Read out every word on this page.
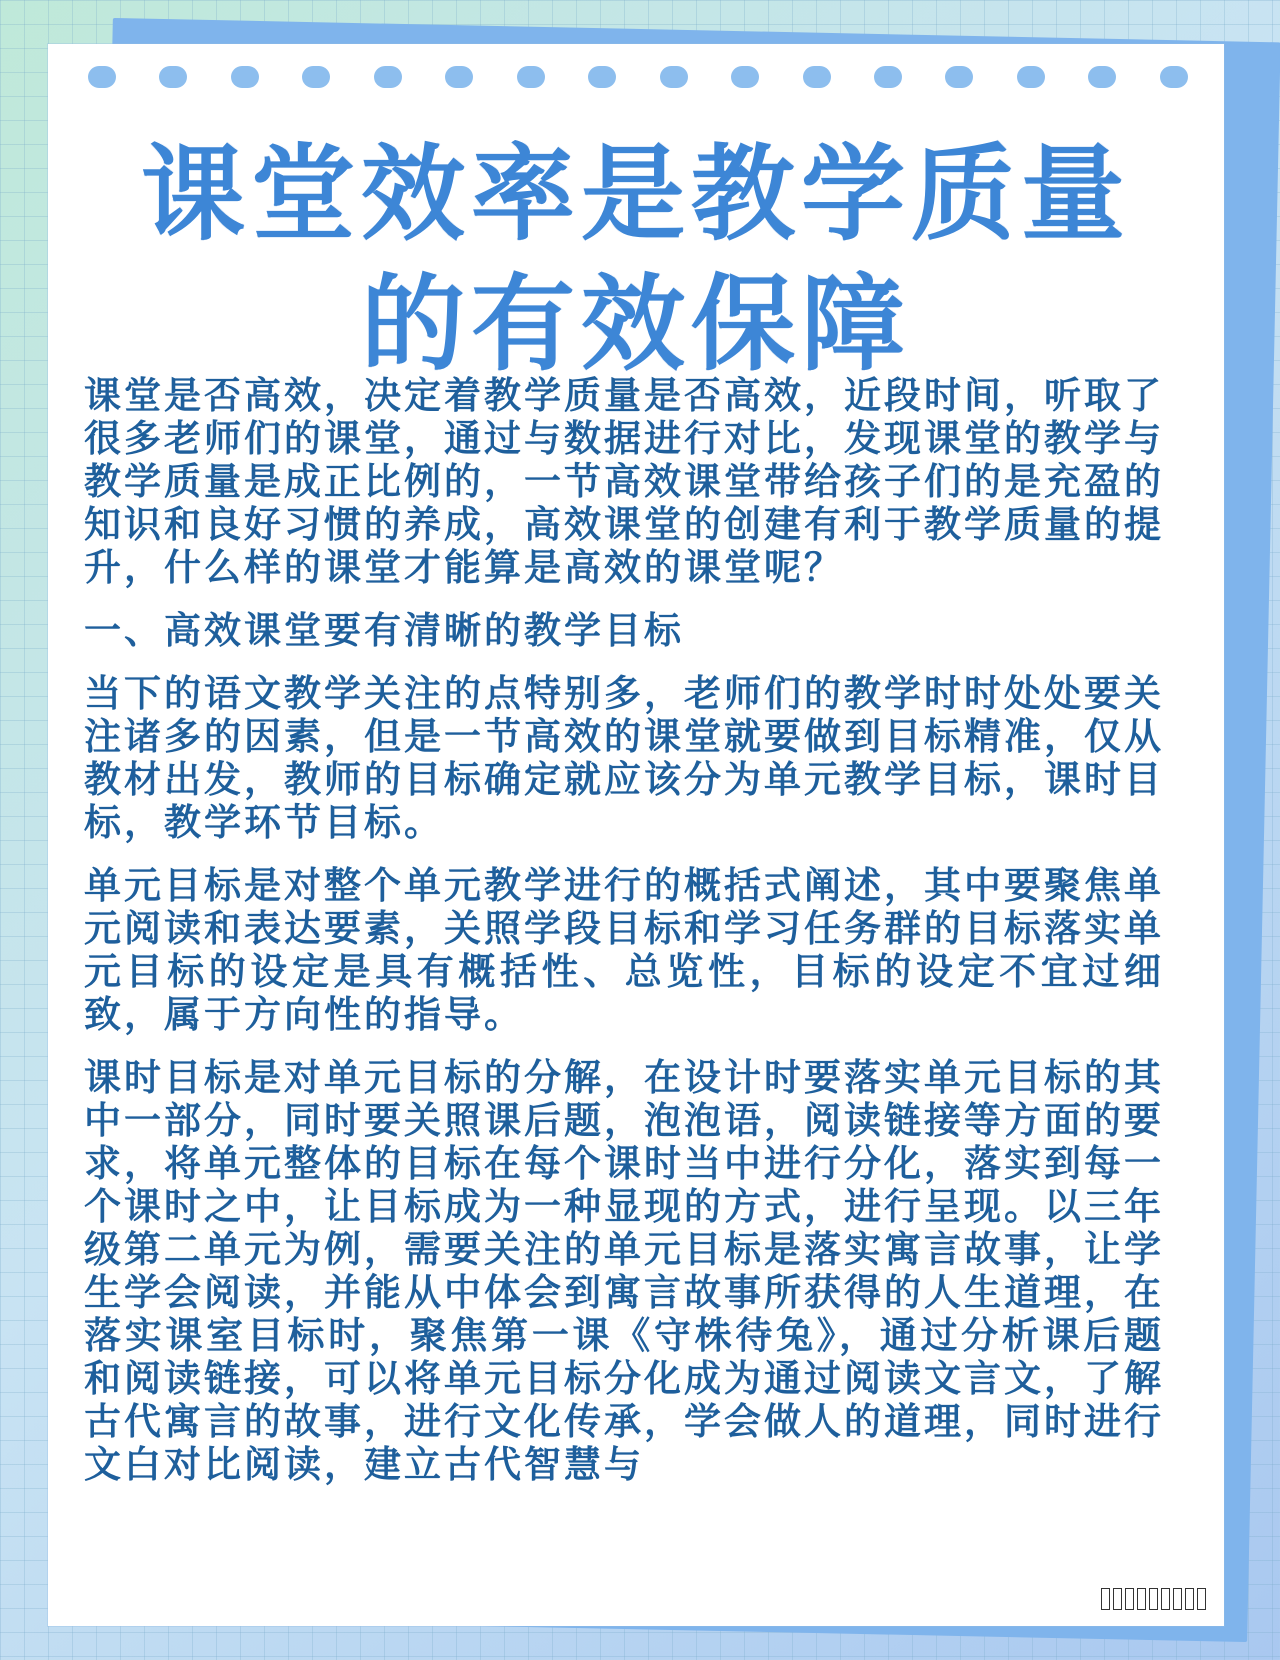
课堂效率是教学质量
的有效保障

课堂是否高效，决定着教学质量是否高效，近段时间，听取了很多老师们的课堂，通过与数据进行对比，发现课堂的教学与教学质量是成正比例的，一节高效课堂带给孩子们的是充盈的知识和良好习惯的养成，高效课堂的创建有利于教学质量的提升，什么样的课堂才能算是高效的课堂呢？

一、高效课堂要有清晰的教学目标

当下的语文教学关注的点特别多，老师们的教学时时处处要关注诸多的因素，但是一节高效的课堂就要做到目标精准，仅从教材出发，教师的目标确定就应该分为单元教学目标，课时目标，教学环节目标。

单元目标是对整个单元教学进行的概括式阐述，其中要聚焦单元阅读和表达要素，关照学段目标和学习任务群的目标落实单元目标的设定是具有概括性、总览性，目标的设定不宜过细致，属于方向性的指导。

课时目标是对单元目标的分解，在设计时要落实单元目标的其中一部分，同时要关照课后题，泡泡语，阅读链接等方面的要求，将单元整体的目标在每个课时当中进行分化，落实到每一个课时之中，让目标成为一种显现的方式，进行呈现。以三年级第二单元为例，需要关注的单元目标是落实寓言故事，让学生学会阅读，并能从中体会到寓言故事所获得的人生道理，在落实课室目标时，聚焦第一课《守株待兔》，通过分析课后题和阅读链接，可以将单元目标分化成为通过阅读文言文，了解古代寓言的故事，进行文化传承，学会做人的道理，同时进行文白对比阅读，建立古代智慧与
